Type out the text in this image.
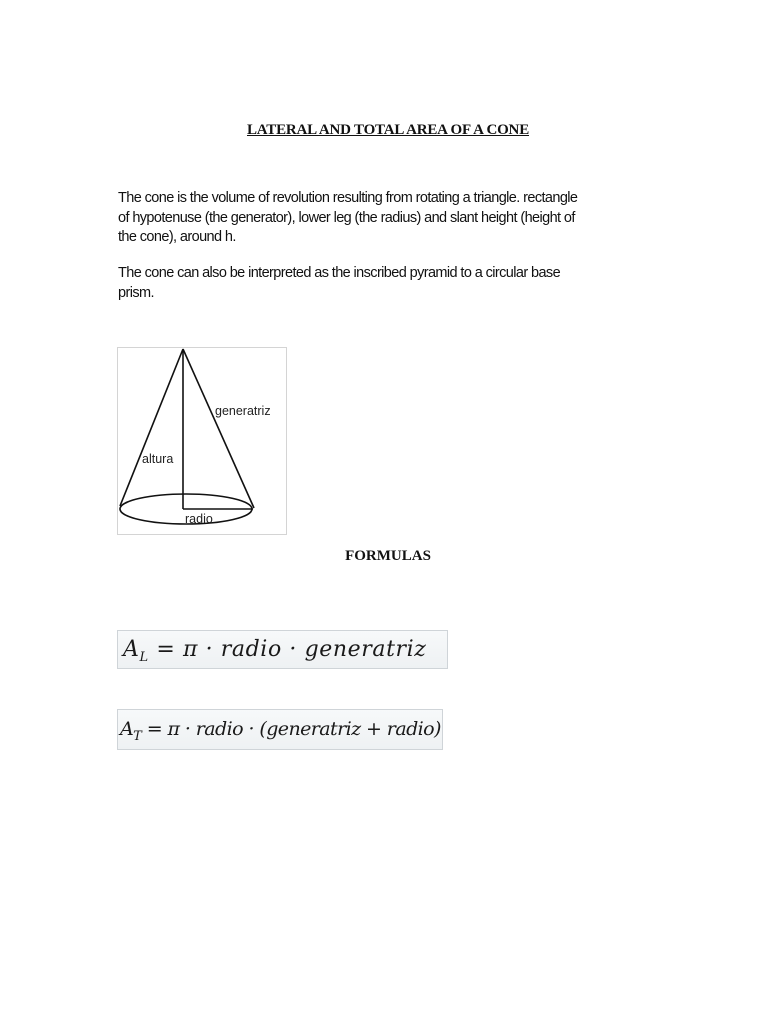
LATERAL AND TOTAL AREA OF A CONE
The cone is the volume of revolution resulting from rotating a triangle. rectangle of hypotenuse (the generator), lower leg (the radius) and slant height (height of the cone), around h.
The cone can also be interpreted as the inscribed pyramid to a circular base prism.
generatriz
altura
radio
FORMULAS
$A_L = \pi$ · radio · generatriz
$A_T = \pi$ · radio · (generatriz + radio)
